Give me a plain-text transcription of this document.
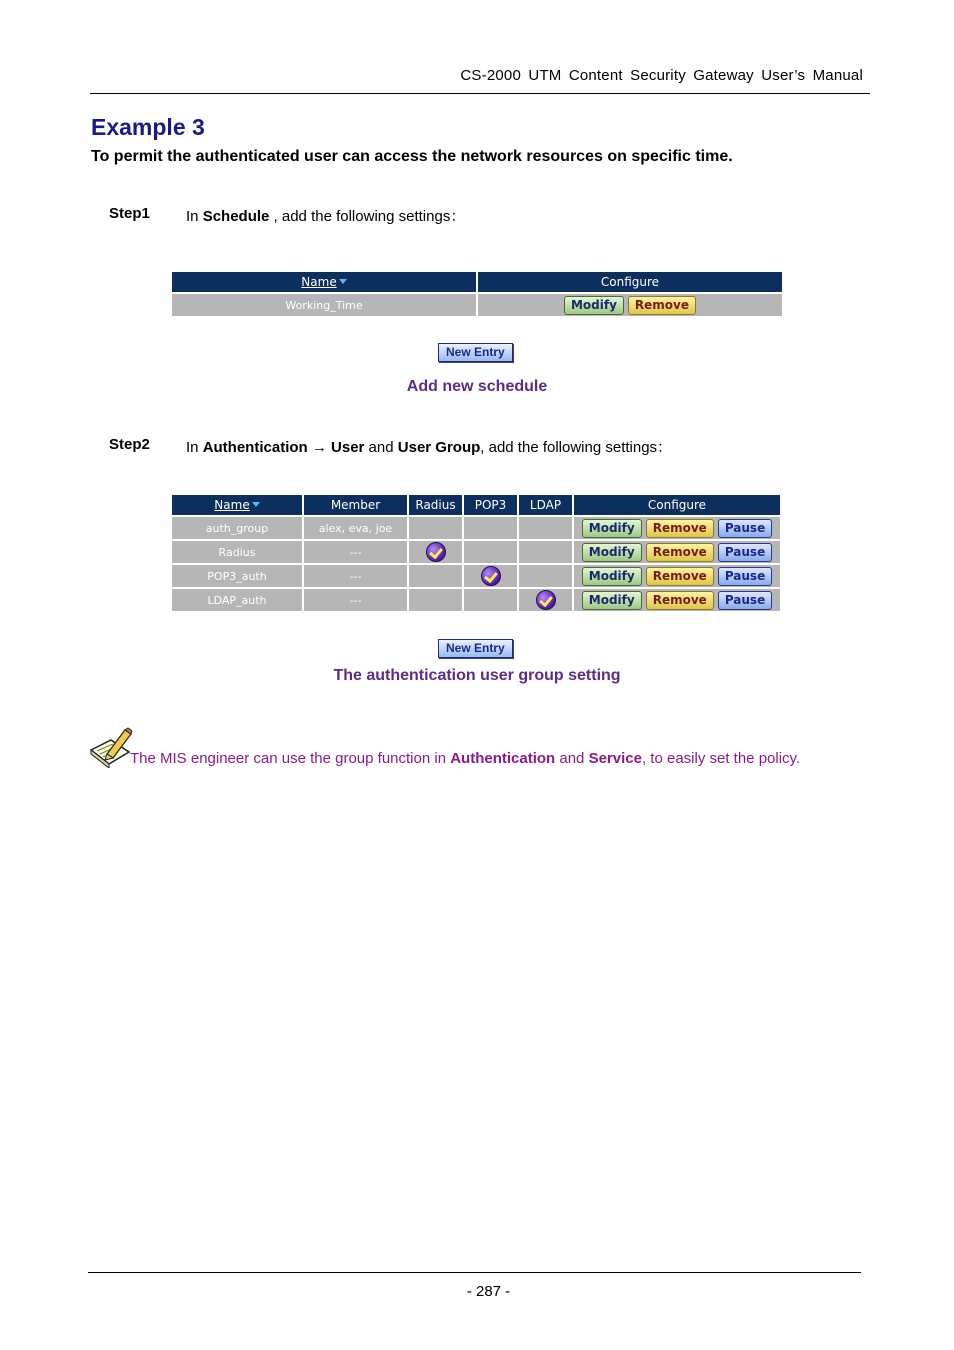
CS-2000 UTM Content Security Gateway User’s Manual
Example 3
To permit the authenticated user can access the network resources on specific time.
Step1 In Schedule , add the following settings：
Name	Configure
Working_Time	Modify Remove
New Entry
Add new schedule
Step2 In Authentication → User and User Group, add the following settings：
Name	Member	Radius	POP3	LDAP	Configure
auth_group	alex, eva, joe				Modify Remove Pause
Radius	---				Modify Remove Pause
POP3_auth	---				Modify Remove Pause
LDAP_auth	---				Modify Remove Pause
New Entry
The authentication user group setting
The MIS engineer can use the group function in Authentication and Service, to easily set the policy.
- 287 -
